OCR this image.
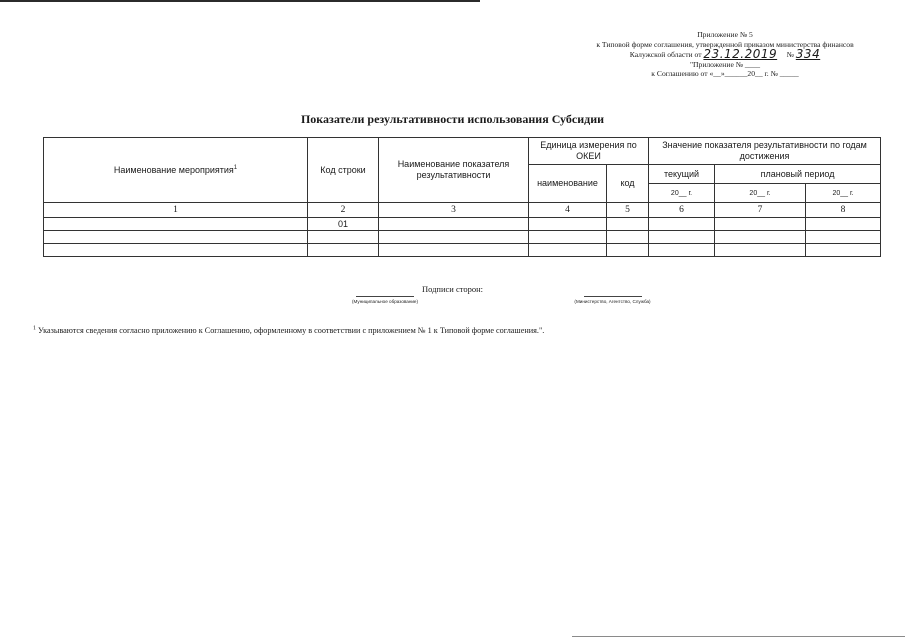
Приложение № 5
к Типовой форме соглашения, утвержденной приказом министерства финансов
Калужской области от 23.12.2019 № 334
"Приложение № ____
к Соглашению от «__»______20__ г. № _____
Показатели результативности использования Субсидии
Наименование мероприятия$^1$	Код строки	Наименование показателя результативности	Единица измерения по ОКЕИ		Значение показателя результативности по годам достижения		
			наименование	код	текущий	плановый период	
					20__ г.	20__ г.	20__ г.
1	2	3	4	5	6	7	8
	01						

Подписи сторон:
(Муниципальное образование)	(Министерство, Агентство, Служба)
$^1$ Указываются сведения согласно приложению к Соглашению, оформленному в соответствии с приложением № 1 к Типовой форме соглашения.".
